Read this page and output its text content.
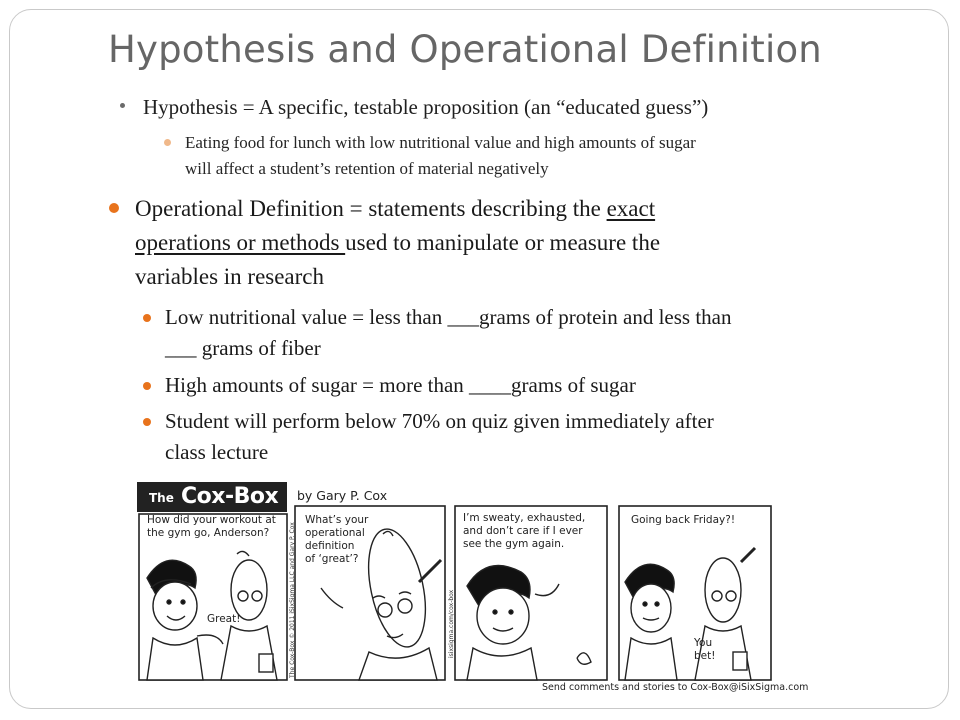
Hypothesis and Operational Definition
Hypothesis = A specific, testable proposition (an “educated guess”)
Eating food for lunch with low nutritional value and high amounts of sugar
will affect a student’s retention of material negatively
Operational Definition = statements describing the exact
operations or methods used to manipulate or measure the
variables in research
Low nutritional value = less than ___grams of protein and less than
___ grams of fiber
High amounts of sugar = more than ____grams of sugar
Student will perform below 70% on quiz given immediately after
class lecture
The Cox-Box by Gary P. Cox
How did your workout at
the gym go, Anderson?
Great!
What’s your
operational
definition
of ‘great’?
I’m sweaty, exhausted,
and don’t care if I ever
see the gym again.
Going back Friday?!
You
bet!
The Cox-Box © 2011 iSixSigma LLC and Gary P. Cox	isixsigma.com/cox-box
Send comments and stories to Cox-Box@iSixSigma.com
